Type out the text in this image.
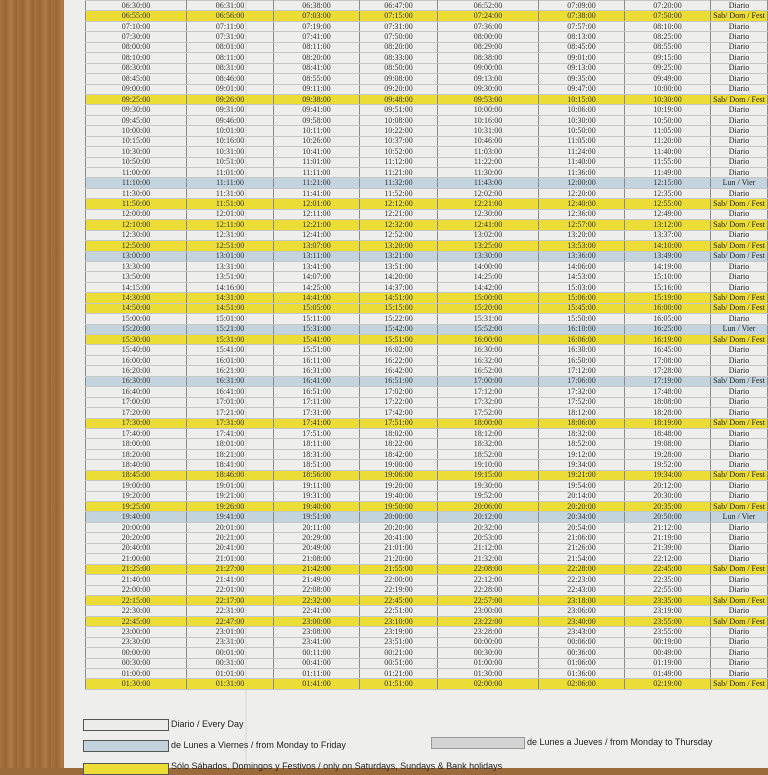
06:30:00	06:31:00	06:38:00	06:47:00	06:52:00	07:09:00	07:20:00	Diario
06:55:00	06:56:00	07:03:00	07:15:00	07:24:00	07:38:00	07:50:00	Sab/ Dom / Fest
07:10:00	07:11:00	07:19:00	07:31:00	07:36:00	07:57:00	08:10:00	Diario
07:30:00	07:31:00	07:41:00	07:50:00	08:00:00	08:13:00	08:25:00	Diario
08:00:00	08:01:00	08:11:00	08:20:00	08:29:00	08:45:00	08:55:00	Diario
08:10:00	08:11:00	08:20:00	08:33:00	08:38:00	09:01:00	09:15:00	Diario
08:30:00	08:31:00	08:41:00	08:50:00	09:00:00	09:13:00	09:25:00	Diario
08:45:00	08:46:00	08:55:00	09:08:00	09:13:00	09:35:00	09:49:00	Diario
09:00:00	09:01:00	09:11:00	09:20:00	09:30:00	09:47:00	10:00:00	Diario
09:25:00	09:26:00	09:38:00	09:48:00	09:53:00	10:15:00	10:30:00	Sab/ Dom / Fest
09:30:00	09:31:00	09:41:00	09:51:00	10:00:00	10:06:00	10:19:00	Diario
09:45:00	09:46:00	09:58:00	10:08:00	10:16:00	10:30:00	10:50:00	Diario
10:00:00	10:01:00	10:11:00	10:22:00	10:31:00	10:50:00	11:05:00	Diario
10:15:00	10:16:00	10:26:00	10:37:00	10:46:00	11:05:00	11:20:00	Diario
10:30:00	10:31:00	10:41:00	10:52:00	11:03:00	11:24:00	11:40:00	Diario
10:50:00	10:51:00	11:01:00	11:12:00	11:22:00	11:40:00	11:55:00	Diario
11:00:00	11:01:00	11:11:00	11:21:00	11:30:00	11:36:00	11:49:00	Diario
11:10:00	11:11:00	11:21:00	11:32:00	11:43:00	12:00:00	12:15:00	Lun / Vier
11:30:00	11:31:00	11:41:00	11:52:00	12:02:00	12:20:00	12:35:00	Diario
11:50:00	11:51:00	12:01:00	12:12:00	12:21:00	12:40:00	12:55:00	Sab/ Dom / Fest
12:00:00	12:01:00	12:11:00	12:21:00	12:30:00	12:36:00	12:49:00	Diario
12:10:00	12:11:00	12:21:00	12:32:00	12:41:00	12:57:00	13:12:00	Sab/ Dom / Fest
12:30:00	12:31:00	12:41:00	12:52:00	13:02:00	13:20:00	13:37:00	Diario
12:50:00	12:51:00	13:07:00	13:20:00	13:25:00	13:53:00	14:10:00	Sab/ Dom / Fest
13:00:00	13:01:00	13:11:00	13:21:00	13:30:00	13:36:00	13:49:00	Sab/ Dom / Fest
13:30:00	13:31:00	13:41:00	13:51:00	14:00:00	14:06:00	14:19:00	Diario
13:50:00	13:51:00	14:07:00	14:20:00	14:25:00	14:53:00	15:10:00	Diario
14:15:00	14:16:00	14:25:00	14:37:00	14:42:00	15:03:00	15:16:00	Diario
14:30:00	14:31:00	14:41:00	14:51:00	15:00:00	15:06:00	15:19:00	Sab/ Dom / Fest
14:50:00	14:51:00	15:05:00	15:15:00	15:20:00	15:45:00	16:00:00	Sab/ Dom / Fest
15:00:00	15:01:00	15:11:00	15:22:00	15:31:00	15:50:00	16:05:00	Diario
15:20:00	15:21:00	15:31:00	15:42:00	15:52:00	16:10:00	16:25:00	Lun / Vier
15:30:00	15:31:00	15:41:00	15:51:00	16:00:00	16:06:00	16:19:00	Sab/ Dom / Fest
15:40:00	15:41:00	15:51:00	16:02:00	16:30:00	16:30:00	16:45:00	Diario
16:00:00	16:01:00	16:11:00	16:22:00	16:32:00	16:50:00	17:08:00	Diario
16:20:00	16:21:00	16:31:00	16:42:00	16:52:00	17:12:00	17:28:00	Diario
16:30:00	16:31:00	16:41:00	16:51:00	17:00:00	17:06:00	17:19:00	Sab/ Dom / Fest
16:40:00	16:41:00	16:51:00	17:02:00	17:12:00	17:32:00	17:48:00	Diario
17:00:00	17:01:00	17:11:00	17:22:00	17:32:00	17:52:00	18:08:00	Diario
17:20:00	17:21:00	17:31:00	17:42:00	17:52:00	18:12:00	18:28:00	Diario
17:30:00	17:31:00	17:41:00	17:51:00	18:00:00	18:06:00	18:19:00	Sab/ Dom / Fest
17:40:00	17:41:00	17:51:00	18:02:00	18:12:00	18:32:00	18:48:00	Diario
18:00:00	18:01:00	18:11:00	18:22:00	18:32:00	18:52:00	19:08:00	Diario
18:20:00	18:21:00	18:31:00	18:42:00	18:52:00	19:12:00	19:28:00	Diario
18:40:00	18:41:00	18:51:00	19:00:00	19:10:00	19:34:00	19:52:00	Diario
18:45:00	18:46:00	18:56:00	19:06:00	19:15:00	19:21:00	19:34:00	Sab/ Dom / Fest
19:00:00	19:01:00	19:11:00	19:20:00	19:30:00	19:54:00	20:12:00	Diario
19:20:00	19:21:00	19:31:00	19:40:00	19:52:00	20:14:00	20:30:00	Diario
19:25:00	19:26:00	19:40:00	19:50:00	20:06:00	20:20:00	20:35:00	Sab/ Dom / Fest
19:40:00	19:41:00	19:51:00	20:00:00	20:12:00	20:34:00	20:50:00	Lun / Vier
20:00:00	20:01:00	20:11:00	20:20:00	20:32:00	20:54:00	21:12:00	Diario
20:20:00	20:21:00	20:29:00	20:41:00	20:53:00	21:06:00	21:19:00	Diario
20:40:00	20:41:00	20:49:00	21:01:00	21:12:00	21:26:00	21:39:00	Diario
21:00:00	21:01:00	21:08:00	21:20:00	21:32:00	21:54:00	22:12:00	Diario
21:25:00	21:27:00	21:42:00	21:55:00	22:08:00	22:28:00	22:45:00	Sab/ Dom / Fest
21:40:00	21:41:00	21:49:00	22:00:00	22:12:00	22:23:00	22:35:00	Diario
22:00:00	22:01:00	22:08:00	22:19:00	22:28:00	22:43:00	22:55:00	Diario
22:15:00	22:17:00	22:32:00	22:45:00	22:57:00	23:18:00	23:35:00	Sab/ Dom / Fest
22:30:00	22:31:00	22:41:00	22:51:00	23:00:00	23:06:00	23:19:00	Diario
22:45:00	22:47:00	23:00:00	23:10:00	23:22:00	23:40:00	23:55:00	Sab/ Dom / Fest
23:00:00	23:01:00	23:08:00	23:19:00	23:28:00	23:43:00	23:55:00	Diario
23:30:00	23:31:00	23:41:00	23:51:00	00:00:00	00:06:00	00:19:00	Diario
00:00:00	00:01:00	00:11:00	00:21:00	00:30:00	00:36:00	00:49:00	Diario
00:30:00	00:31:00	00:41:00	00:51:00	01:00:00	01:06:00	01:19:00	Diario
01:00:00	01:01:00	01:11:00	01:21:00	01:30:00	01:36:00	01:49:00	Diario
01:30:00	01:31:00	01:41:00	01:51:00	02:00:00	02:06:00	02:19:00	Sab/ Dom / Fest
Diario / Every Day
de Lunes a Viernes / from Monday to Friday	de Lunes a Jueves / from Monday to Thursday
Sólo Sábados, Domingos y Festivos / only on Saturdays, Sundays & Bank holidays
